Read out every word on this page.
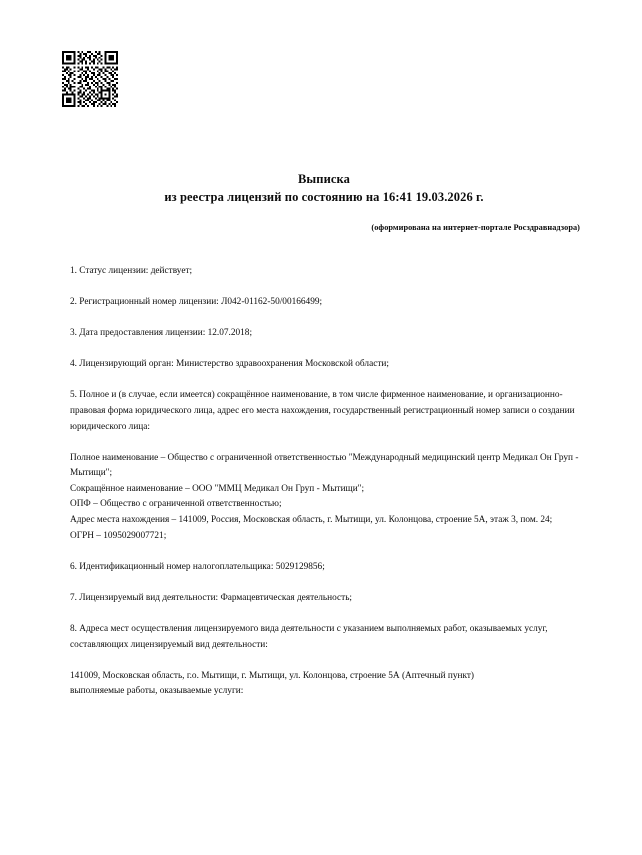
Выписка
из реестра лицензий по состоянию на 16:41 19.03.2026 г.
(оформирована на интернет-портале Росздравнадзора)

1. Статус лицензии: действует;

2. Регистрационный номер лицензии: Л042-01162-50/00166499;

3. Дата предоставления лицензии: 12.07.2018;

4. Лицензирующий орган: Министерство здравоохранения Московской области;

5. Полное и (в случае, если имеется) сокращённое наименование, в том числе фирменное наименование, и организационно-правовая форма юридического лица, адрес его места нахождения, государственный регистрационный номер записи о создании юридического лица:

Полное наименование – Общество с ограниченной ответственностью "Международный медицинский центр Медикал Он Груп - Мытищи";
Сокращённое наименование – ООО "ММЦ Медикал Он Груп - Мытищи";
ОПФ – Общество с ограниченной ответственностью;
Адрес места нахождения – 141009, Россия, Московская область, г. Мытищи, ул. Колонцова, строение 5А, этаж 3, пом. 24;
ОГРН – 1095029007721;

6. Идентификационный номер налогоплательщика: 5029129856;

7. Лицензируемый вид деятельности: Фармацевтическая деятельность;

8. Адреса мест осуществления лицензируемого вида деятельности с указанием выполняемых работ, оказываемых услуг, составляющих лицензируемый вид деятельности:

141009, Московская область, г.о. Мытищи, г. Мытищи, ул. Колонцова, строение 5А (Аптечный пункт)
выполняемые работы, оказываемые услуги:
